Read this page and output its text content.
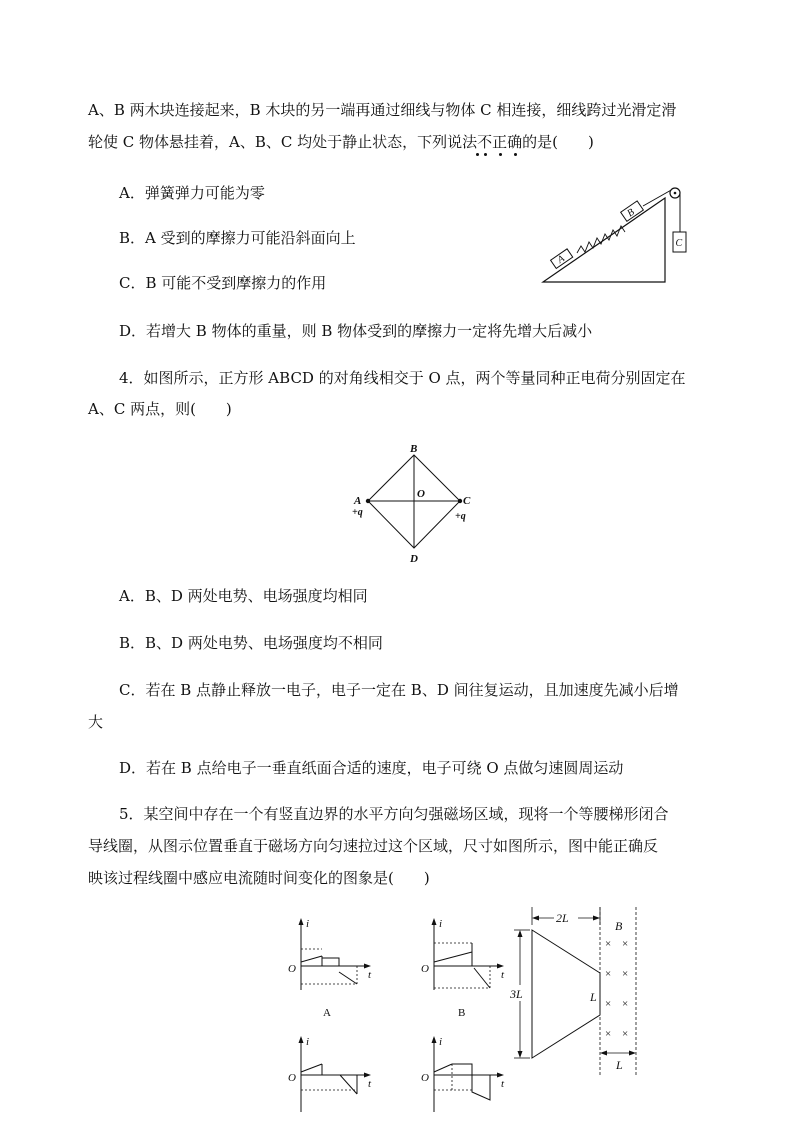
A、B 两木块连接起来，B 木块的另一端再通过细线与物体 C 相连接，细线跨过光滑定滑
轮使 C 物体悬挂着，A、B、C 均处于静止状态，下列说法不正确的是(　　)
A．弹簧弹力可能为零
B．A 受到的摩擦力可能沿斜面向上
C．B 可能不受到摩擦力的作用
D．若增大 B 物体的重量，则 B 物体受到的摩擦力一定将先增大后减小
A
B
C
4．如图所示，正方形 ABCD 的对角线相交于 O 点，两个等量同种正电荷分别固定在
A、C 两点，则(　　)
B
D
A	C
O
+q	+q
A．B、D 两处电势、电场强度均相同
B．B、D 两处电势、电场强度均不相同
C．若在 B 点静止释放一电子，电子一定在 B、D 间往复运动，且加速度先减小后增
大
D．若在 B 点给电子一垂直纸面合适的速度，电子可绕 O 点做匀速圆周运动
5．某空间中存在一个有竖直边界的水平方向匀强磁场区域，现将一个等腰梯形闭合
导线圈，从图示位置垂直于磁场方向匀速拉过这个区域，尺寸如图所示，图中能正确反
映该过程线圈中感应电流随时间变化的图象是(　　)
i
t
O
A
i
t
O
B
i
t
O
i
t
O
2L
3L	L
B
× ×
× ×
× ×
× ×
L
